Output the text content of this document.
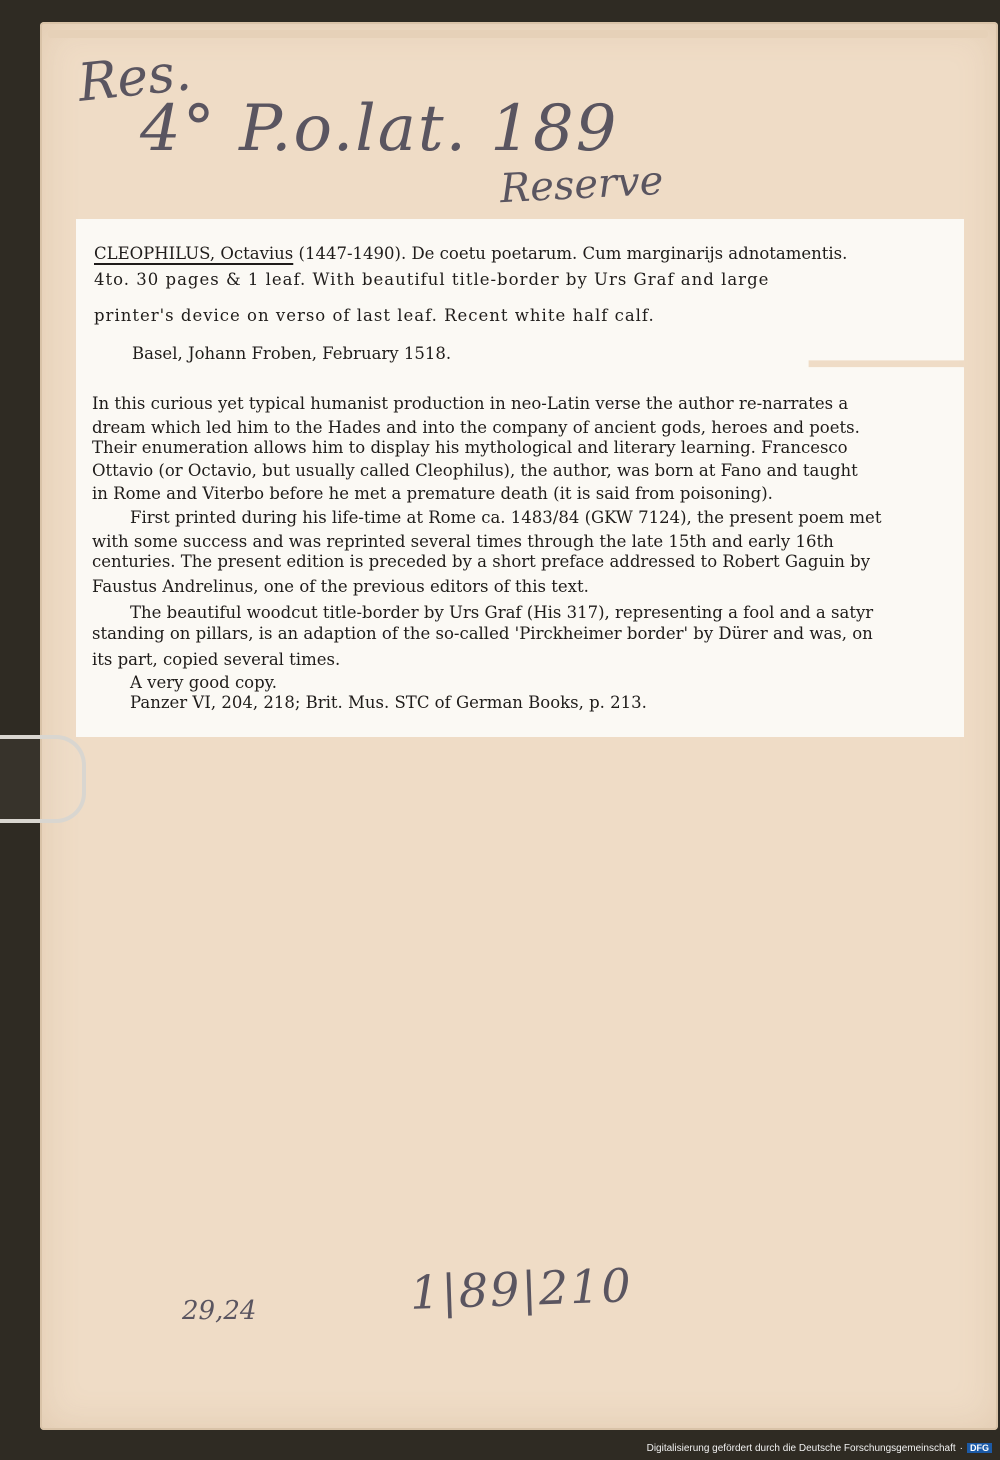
Res.
4° P.o.lat. 189
Reserve

CLEOPHILUS, Octavius (1447-1490). De coetu poetarum. Cum marginarijs adnotamentis.

4to. 30 pages & 1 leaf. With beautiful title-border by Urs Graf and large

printer's device on verso of last leaf. Recent white half calf.

Basel, Johann Froben, February 1518.

In this curious yet typical humanist production in neo-Latin verse the author re-narrates a

dream which led him to the Hades and into the company of ancient gods, heroes and poets.

Their enumeration allows him to display his mythological and literary learning. Francesco

Ottavio (or Octavio, but usually called Cleophilus), the author, was born at Fano and taught

in Rome and Viterbo before he met a premature death (it is said from poisoning).

First printed during his life-time at Rome ca. 1483/84 (GKW 7124), the present poem met

with some success and was reprinted several times through the late 15th and early 16th

centuries. The present edition is preceded by a short preface addressed to Robert Gaguin by

Faustus Andrelinus, one of the previous editors of this text.

The beautiful woodcut title-border by Urs Graf (His 317), representing a fool and a satyr

standing on pillars, is an adaption of the so-called 'Pirckheimer border' by Dürer and was, on

its part, copied several times.

A very good copy.

Panzer VI, 204, 218; Brit. Mus. STC of German Books, p. 213.

1|89|210
29,24
Digitalisierung gefördert durch die Deutsche Forschungsgemeinschaft · DFG
